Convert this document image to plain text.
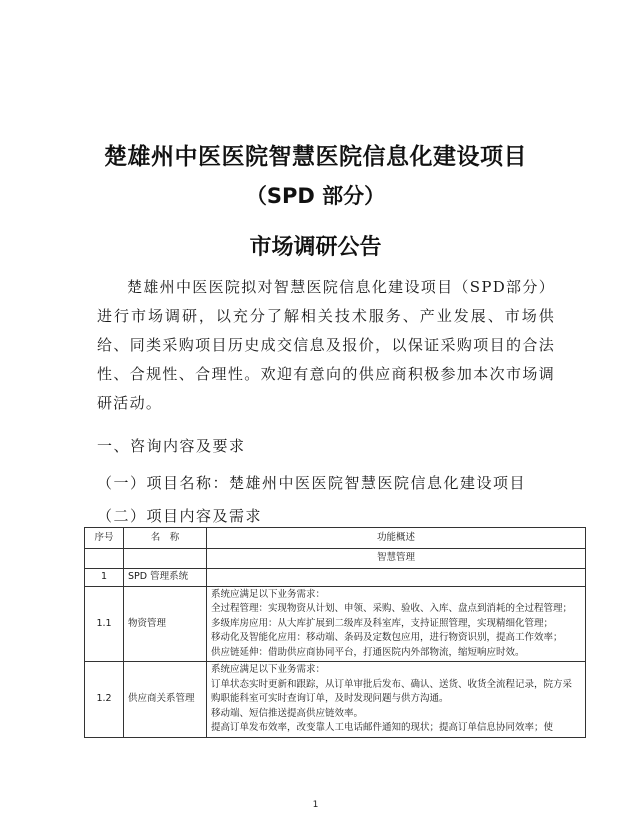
楚雄州中医医院智慧医院信息化建设项目
（SPD 部分）
市场调研公告
楚雄州中医医院拟对智慧医院信息化建设项目（SPD部分）进行市场调研，以充分了解相关技术服务、产业发展、市场供给、同类采购项目历史成交信息及报价，以保证采购项目的合法性、合规性、合理性。欢迎有意向的供应商积极参加本次市场调研活动。
一、咨询内容及要求
（一）项目名称：楚雄州中医医院智慧医院信息化建设项目
（二）项目内容及需求
序号	名　称	功能概述
		智慧管理
1	SPD 管理系统	
1.1	物资管理	系统应满足以下业务需求：
全过程管理：实现物资从计划、申领、采购、验收、入库、盘点到消耗的全过程管理；
多级库房应用：从大库扩展到二级库及科室库，支持证照管理，实现精细化管理；
移动化及智能化应用：移动端、条码及定数包应用，进行物资识别，提高工作效率；
供应链延伸：借助供应商协同平台，打通医院内外部物流，缩短响应时效。

1.2	供应商关系管理	系统应满足以下业务需求：
订单状态实时更新和跟踪，从订单审批后发布、确认、送货、收货全流程记录，院方采购职能科室可实时查询订单，及时发现问题与供方沟通。
移动端、短信推送提高供应链效率。
提高订单发布效率，改变靠人工电话邮件通知的现状；提高订单信息协同效率；使
1
